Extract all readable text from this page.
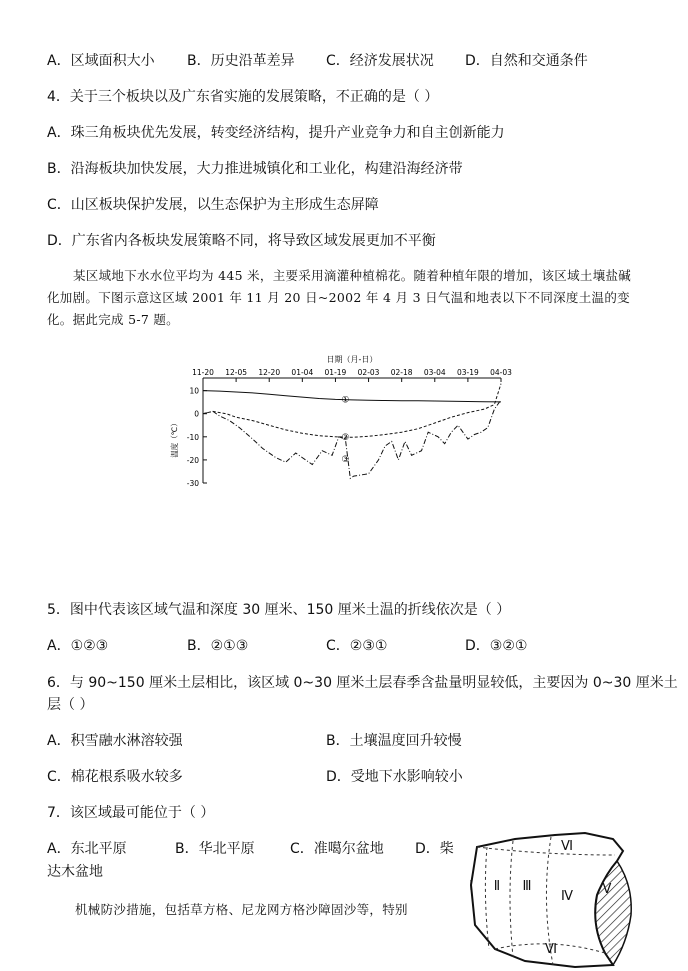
A．区域面积大小 B．历史沿革差异 C．经济发展状况 D．自然和交通条件
4．关于三个板块以及广东省实施的发展策略，不正确的是（ ）
A．珠三角板块优先发展，转变经济结构，提升产业竞争力和自主创新能力
B．沿海板块加快发展，大力推进城镇化和工业化，构建沿海经济带
C．山区板块保护发展，以生态保护为主形成生态屏障
D．广东省内各板块发展策略不同，将导致区域发展更加不平衡
某区域地下水水位平均为 445 米，主要采用滴灌种植棉花。随着种植年限的增加，该区域土壤盐碱化加剧。下图示意这区域 2001 年 11 月 20 日~2002 年 4 月 3 日气温和地表以下不同深度土温的变化。据此完成 5-7 题。
日期（月-日）
11-20 12-05 12-20 01-04 01-19 02-03 02-18 03-04 03-19 04-03
10
0
-10
-20
-30
温度（℃）
①
②
③
5．图中代表该区域气温和深度 30 厘米、150 厘米土温的折线依次是（ ）
A．①②③	B．②①③	C．②③①	D．③②①
6．与 90~150 厘米土层相比，该区域 0~30 厘米土层春季含盐量明显较低，主要因为 0~30 厘米土
层（ ）
A．积雪融水淋溶较强	B．土壤温度回升较慢
C．棉花根系吸水较多	D．受地下水影响较小
7．该区域最可能位于（ ）
A．东北平原	B．华北平原	C．准噶尔盆地 D．柴
达木盆地
机械防沙措施，包括草方格、尼龙网方格沙障固沙等，特别
Ⅰ Ⅱ Ⅲ
Ⅳ Ⅴ
Ⅵ
Ⅵ
